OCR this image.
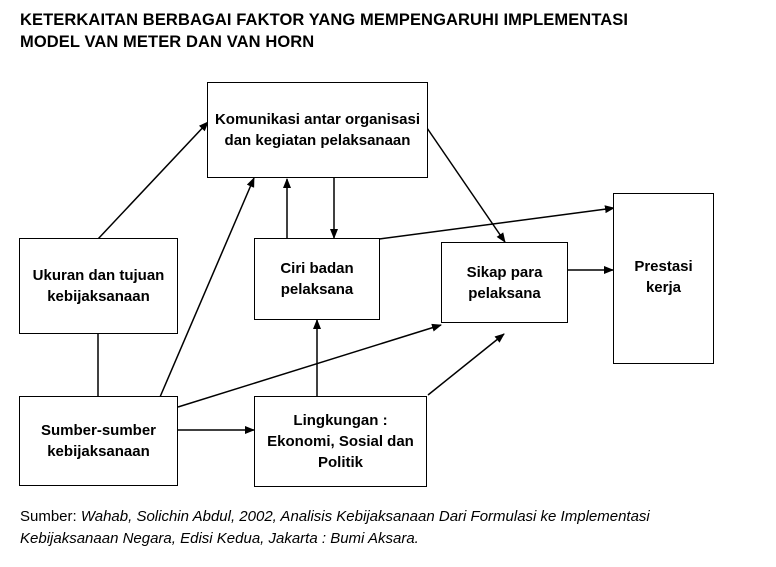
KETERKAITAN BERBAGAI FAKTOR YANG MEMPENGARUHI IMPLEMENTASI
MODEL VAN METER DAN VAN HORN
Komunikasi antar organisasi dan kegiatan pelaksanaan
Ukuran dan tujuan kebijaksanaan
Ciri badan pelaksana
Sikap para pelaksana
Prestasi kerja
Sumber-sumber kebijaksanaan
Lingkungan : Ekonomi, Sosial dan Politik
Sumber: Wahab, Solichin Abdul, 2002, Analisis Kebijaksanaan Dari Formulasi ke Implementasi
Kebijaksanaan Negara, Edisi Kedua, Jakarta : Bumi Aksara.
